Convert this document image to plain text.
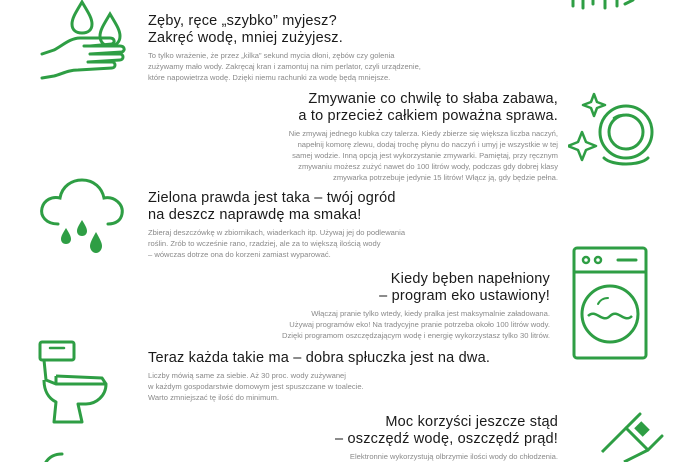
Zęby, ręce „szybko” myjesz?
Zakręć wodę, mniej zużyjesz.
To tylko wrażenie, że przez „kilka” sekund mycia dłoni, zębów czy golenia
zużywamy mało wody. Zakręcaj kran i zamontuj na nim perlator, czyli urządzenie,
które napowietrza wodę. Dzięki niemu rachunki za wodę będą mniejsze.
Zmywanie co chwilę to słaba zabawa,
a to przecież całkiem poważna sprawa.
Nie zmywaj jednego kubka czy talerza. Kiedy zbierze się większa liczba naczyń,
napełnij komorę zlewu, dodaj trochę płynu do naczyń i umyj je wszystkie w tej
samej wodzie. Inną opcją jest wykorzystanie zmywarki. Pamiętaj, przy ręcznym
zmywaniu możesz zużyć nawet do 100 litrów wody, podczas gdy dobrej klasy
zmywarka potrzebuje jedynie 15 litrów! Włącz ją, gdy będzie pełna.
Zielona prawda jest taka – twój ogród
na deszcz naprawdę ma smaka!
Zbieraj deszczówkę w zbiornikach, wiaderkach itp. Używaj jej do podlewania
roślin. Zrób to wcześnie rano, rzadziej, ale za to większą ilością wody
– wówczas dotrze ona do korzeni zamiast wyparować.
Kiedy bęben napełniony
– program eko ustawiony!
Włączaj pranie tylko wtedy, kiedy pralka jest maksymalnie załadowana.
Używaj programów eko! Na tradycyjne pranie potrzeba około 100 litrów wody.
Dzięki programom oszczędzającym wodę i energię wykorzystasz tylko 30 litrów.
Teraz każda takie ma – dobra spłuczka jest na dwa.
Liczby mówią same za siebie. Aż 30 proc. wody zużywanej
w każdym gospodarstwie domowym jest spuszczane w toalecie.
Warto zmniejszać tę ilość do minimum.
Moc korzyści jeszcze stąd
– oszczędź wodę, oszczędź prąd!
Elektronnie wykorzystują olbrzymie ilości wody do chłodzenia.
